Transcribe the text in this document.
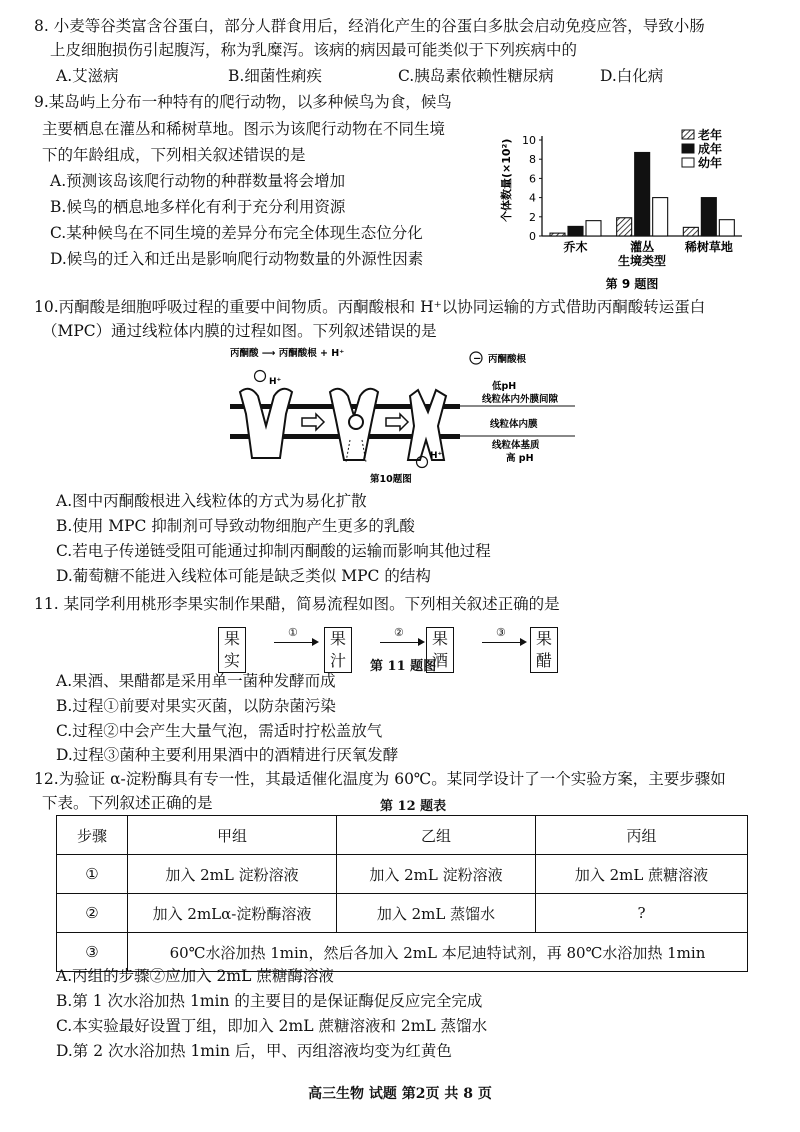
8. 小麦等谷类富含谷蛋白，部分人群食用后，经消化产生的谷蛋白多肽会启动免疫应答，导致小肠
上皮细胞损伤引起腹泻，称为乳糜泻。该病的病因最可能类似于下列疾病中的
A.艾滋病	B.细菌性痢疾	C.胰岛素依赖性糖尿病	D.白化病
9.某岛屿上分布一种特有的爬行动物，以多种候鸟为食，候鸟
主要栖息在灌丛和稀树草地。图示为该爬行动物在不同生境
下的年龄组成，下列相关叙述错误的是
A.预测该岛该爬行动物的种群数量将会增加
B.候鸟的栖息地多样化有利于充分利用资源
C.某种候鸟在不同生境的差异分布完全体现生态位分化
D.候鸟的迁入和迁出是影响爬行动物数量的外源性因素
0
2
4
6
8
10
个体数量(×10²)
乔木	灌丛	稀树草地
生境类型
老年
成年
幼年
第 9 题图
10.丙酮酸是细胞呼吸过程的重要中间物质。丙酮酸根和 H⁺以协同运输的方式借助丙酮酸转运蛋白
（MPC）通过线粒体内膜的过程如图。下列叙述错误的是
丙酮酸 ⟶ 丙酮酸根 + H⁺	− 丙酮酸根
H⁺
H⁺
低pH
线粒体内外膜间隙
线粒体内膜
线粒体基质
高 pH
第10题图
A.图中丙酮酸根进入线粒体的方式为易化扩散
B.使用 MPC 抑制剂可导致动物细胞产生更多的乳酸
C.若电子传递链受阻可能通过抑制丙酮酸的运输而影响其他过程
D.葡萄糖不能进入线粒体可能是缺乏类似 MPC 的结构
11. 某同学利用桃形李果实制作果醋，简易流程如图。下列相关叙述正确的是
果实
①	果汁
②	果酒
③	果醋
第 11 题图
A.果酒、果醋都是采用单一菌种发酵而成
B.过程①前要对果实灭菌，以防杂菌污染
C.过程②中会产生大量气泡，需适时拧松盖放气
D.过程③菌种主要利用果酒中的酒精进行厌氧发酵
12.为验证 α-淀粉酶具有专一性，其最适催化温度为 60℃。某同学设计了一个实验方案，主要步骤如
下表。下列叙述正确的是	第 12 题表
步骤	甲组	乙组	丙组
①	加入 2mL 淀粉溶液	加入 2mL 淀粉溶液	加入 2mL 蔗糖溶液
②	加入 2mLα-淀粉酶溶液	加入 2mL 蒸馏水	?
③	60℃水浴加热 1min，然后各加入 2mL 本尼迪特试剂，再 80℃水浴加热 1min		
A.丙组的步骤②应加入 2mL 蔗糖酶溶液
B.第 1 次水浴加热 1min 的主要目的是保证酶促反应完全完成
C.本实验最好设置丁组，即加入 2mL 蔗糖溶液和 2mL 蒸馏水
D.第 2 次水浴加热 1min 后，甲、丙组溶液均变为红黄色
高三生物 试题 第2页 共 8 页
